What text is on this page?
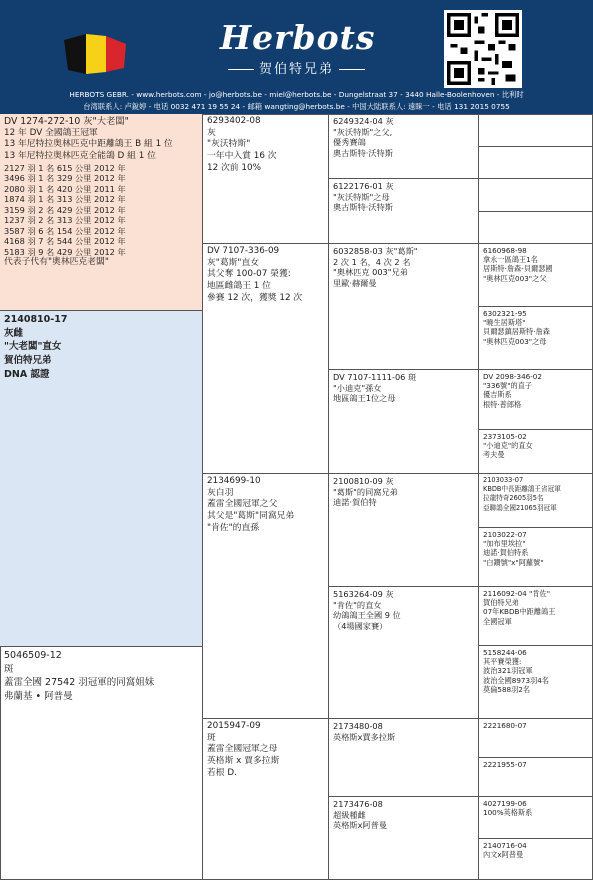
Herbots
贺伯特兄弟
HERBOTS GEBR. - www.herbots.com - jo@herbots.be - miel@herbots.be - Dungelstraat 37 - 3440 Halle-Boolenhoven - 比利时
台湾联系人: 卢銳婷 - 电话 0032 471 19 55 24 - 邮箱 wangting@herbots.be - 中国大陆联系人: 遠睐一 - 电话 131 2015 0755
DV 1274-272-10 灰"大老闆"
12 年 DV 全國鴿王冠軍
13 年尼特拉奥林匹克中距離鴿王 B 組 1 位
13 年尼特拉奥林匹克全能鴿 D 組 1 位
2127 羽 1 名 615 公里 2012 年
3496 羽 1 名 329 公里 2012 年
2080 羽 1 名 420 公里 2011 年
1874 羽 1 名 313 公里 2012 年
3159 羽 2 名 429 公里 2012 年
1237 羽 2 名 313 公里 2012 年
3587 羽 6 名 154 公里 2012 年
4168 羽 7 名 544 公里 2012 年
5183 羽 9 名 429 公里 2012 年
代表子代有"奧林匹克老闆"
2140810-17
灰雌
"大老闆"直女
賀伯特兄弟
DNA 認證
5046509-12
斑
蓋雷全國 27542 羽冠軍的同窩姐妹
弗蘭基 • 阿普曼
6293402-08
灰
"灰沃特斯"
一年中入賞 16 次
12 次前 10%
DV 7107-336-09
灰"葛斯"直女
其父奪 100-07 榮獲:
地區雌鴿王 1 位
參賽 12 次，獲獎 12 次
2134699-10
灰白羽
蓋雷全國冠軍之父
其父是"葛斯"同窩兄弟
"肯佐"的直孫
2015947-09
斑
蓋雷全國冠軍之母
英格斯 x 賈多拉斯
若根 D.
6249324-04 灰
"灰沃特斯"之父,
優秀賽鴿
奧古斯特·沃特斯
6122176-01 灰
"灰沃特斯"之母
奧古斯特·沃特斯
6032858-03 灰"葛斯"
2 次 1 名，4 次 2 名
"奧林匹克 003"兄弟
里歐·赫爾曼
DV 7107-1111-06 斑
"小迪克"孫女
地區鴿王1位之母
2100810-09 灰
"葛斯"的同窩兄弟
迪諾·賀伯特
5163264-09 灰
"肯佐"的直女
幼鴿鴿王全國 9 位
（4場國家賽）
2173480-08
英格斯x賈多拉斯
2173476-08
超級種雌
英格斯x阿普曼
6160968-98
拿永一區鴿王1名
居斯特·詹森-貝爾瑟國
"奧林匹克003"之父
6302321-95
"曉生居斯塔"
貝爾瑟鎮居斯特·詹森
"奧林匹克003"之母
DV 2098-346-02
"336號"的直子
優吉斯系
根特·普郎格
2373105-02
"小迪克"的直女
考夫曼
2103033-07
KBDB中長距離鴿王省冠軍
拉龍特奇2605羽5名
亞聯鴿全國21065羽冠軍
2103022-07
"加布里埃拉"
迪諾·賀伯特系
"白鑽號"x"阿蘿號"
2116092-04 "肯佐"
賀伯特兄弟
07年KBDB中距離鴿王
全國冠軍
5158244-06
其平賽榮獲:
波治321羽冠軍
波治全國8973羽4名
莫倫588羽2名
2221680-07
2221955-07
4027199-06
100%英格斯系
2140716-04
內文x阿普曼
